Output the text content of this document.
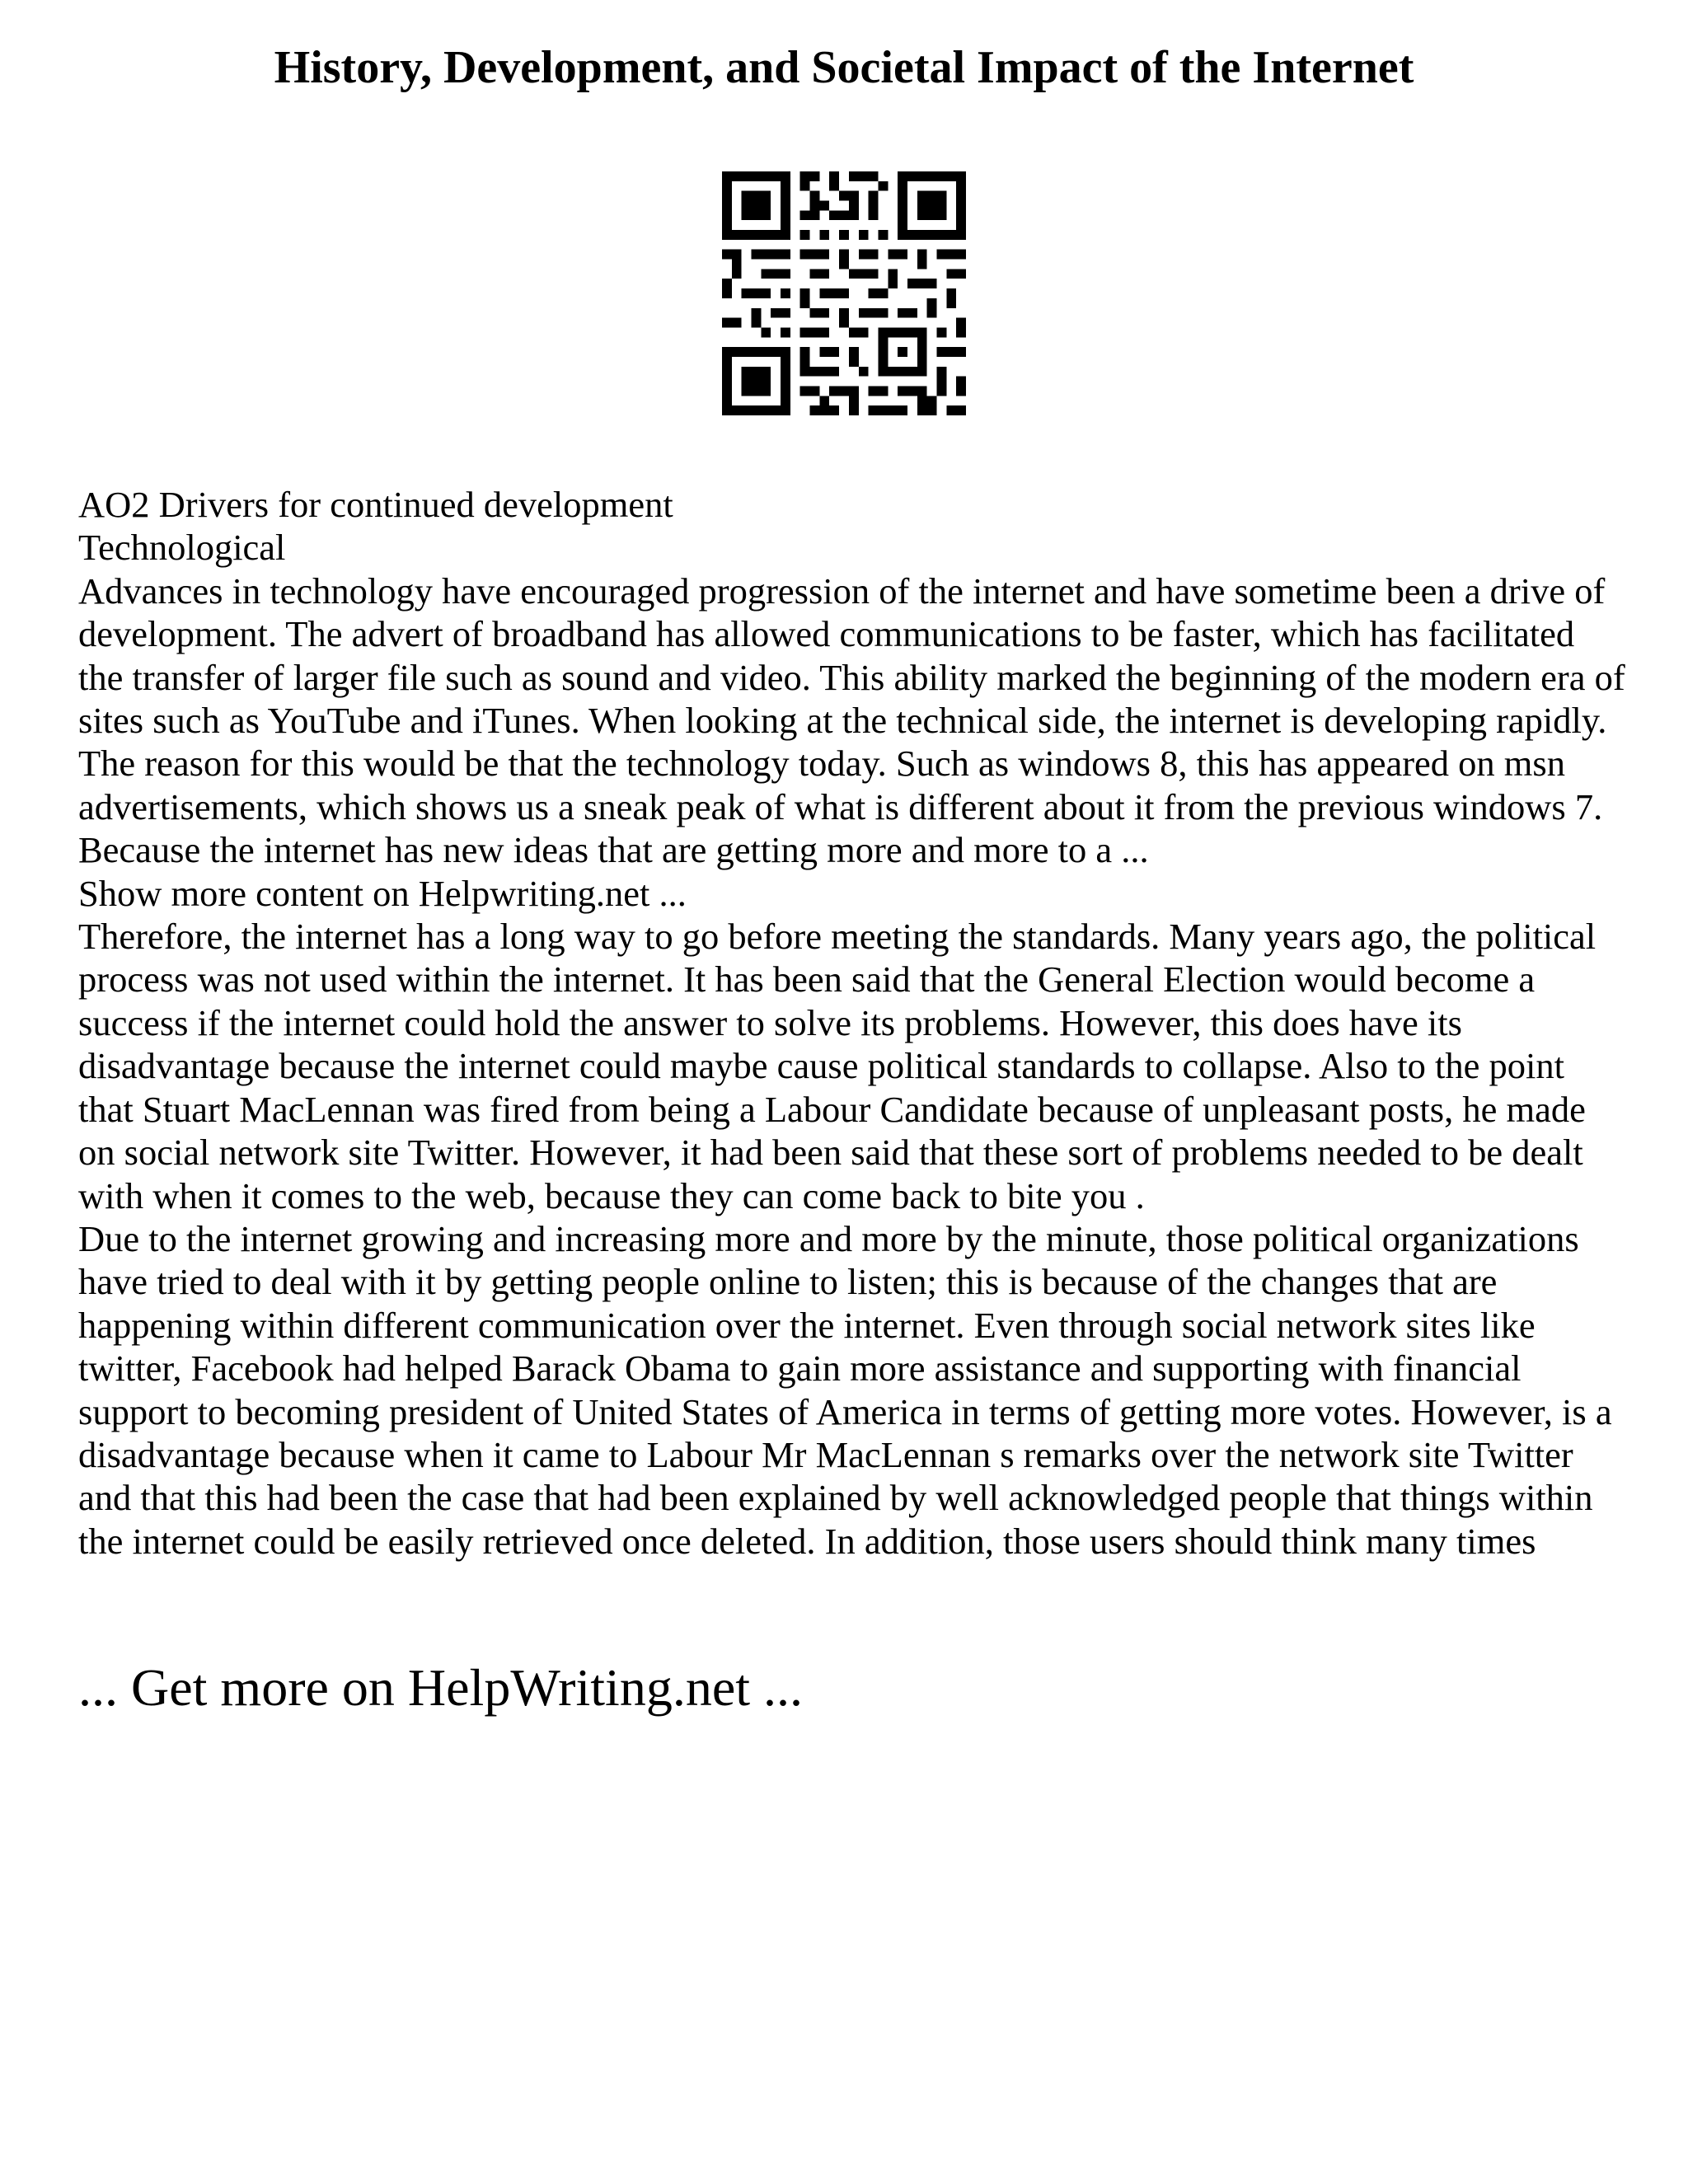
History, Development, and Societal Impact of the Internet

AO2 Drivers for continued development

Technological

Advances in technology have encouraged progression of the internet and have sometime been a drive of development. The advert of broadband has allowed communications to be faster, which has facilitated the transfer of larger file such as sound and video. This ability marked the beginning of the modern era of sites such as YouTube and iTunes. When looking at the technical side, the internet is developing rapidly. The reason for this would be that the technology today. Such as windows 8, this has appeared on msn advertisements, which shows us a sneak peak of what is different about it from the previous windows 7. Because the internet has new ideas that are getting more and more to a ...

Show more content on Helpwriting.net ...

Therefore, the internet has a long way to go before meeting the standards. Many years ago, the political process was not used within the internet. It has been said that the General Election would become a success if the internet could hold the answer to solve its problems. However, this does have its disadvantage because the internet could maybe cause political standards to collapse. Also to the point that Stuart MacLennan was fired from being a Labour Candidate because of unpleasant posts, he made on social network site Twitter. However, it had been said that these sort of problems needed to be dealt with when it comes to the web, because they can come back to bite you .

Due to the internet growing and increasing more and more by the minute, those political organizations have tried to deal with it by getting people online to listen; this is because of the changes that are happening within different communication over the internet. Even through social network sites like twitter, Facebook had helped Barack Obama to gain more assistance and supporting with financial support to becoming president of United States of America in terms of getting more votes. However, is a disadvantage because when it came to Labour Mr MacLennan s remarks over the network site Twitter and that this had been the case that had been explained by well acknowledged people that things within the internet could be easily retrieved once deleted. In addition, those users should think many times

... Get more on HelpWriting.net ...
